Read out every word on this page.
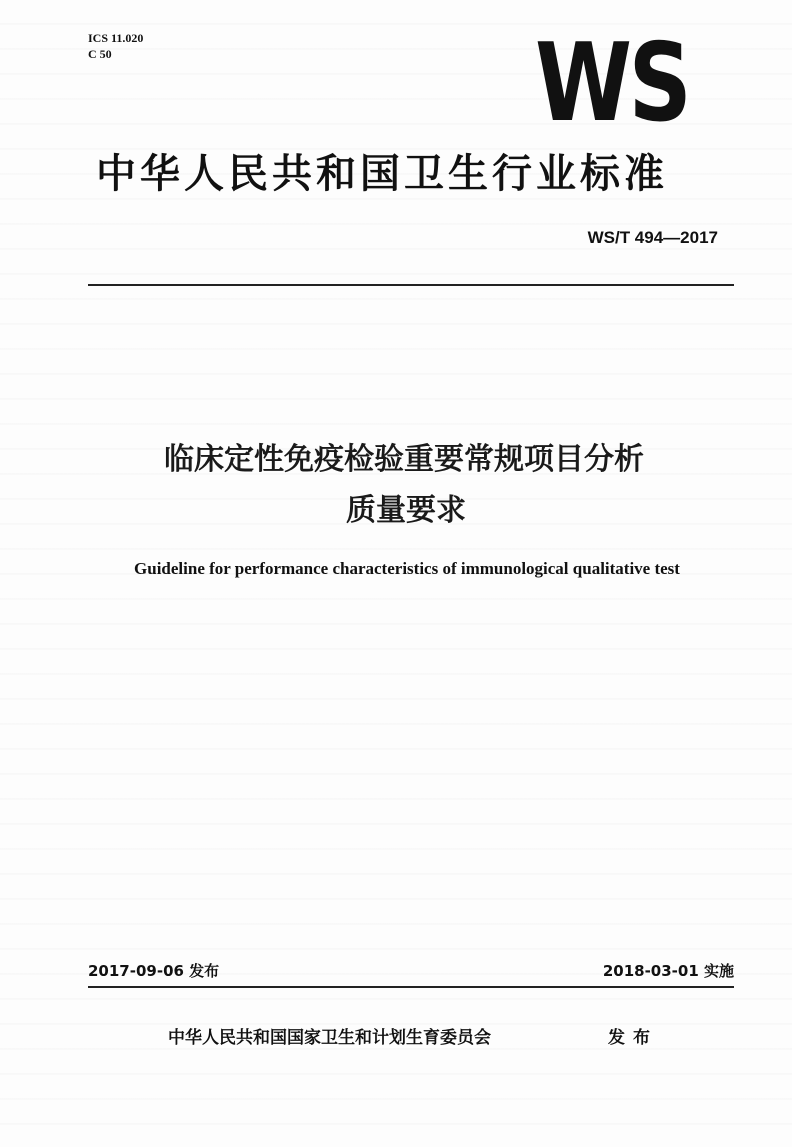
ICS 11.020
C 50	WS
中华人民共和国卫生行业标准
WS/T 494—2017
临床定性免疫检验重要常规项目分析
质量要求
Guideline for performance characteristics of immunological qualitative test
2017-09-06 发布	2018-03-01 实施
中华人民共和国国家卫生和计划生育委员会	发布
